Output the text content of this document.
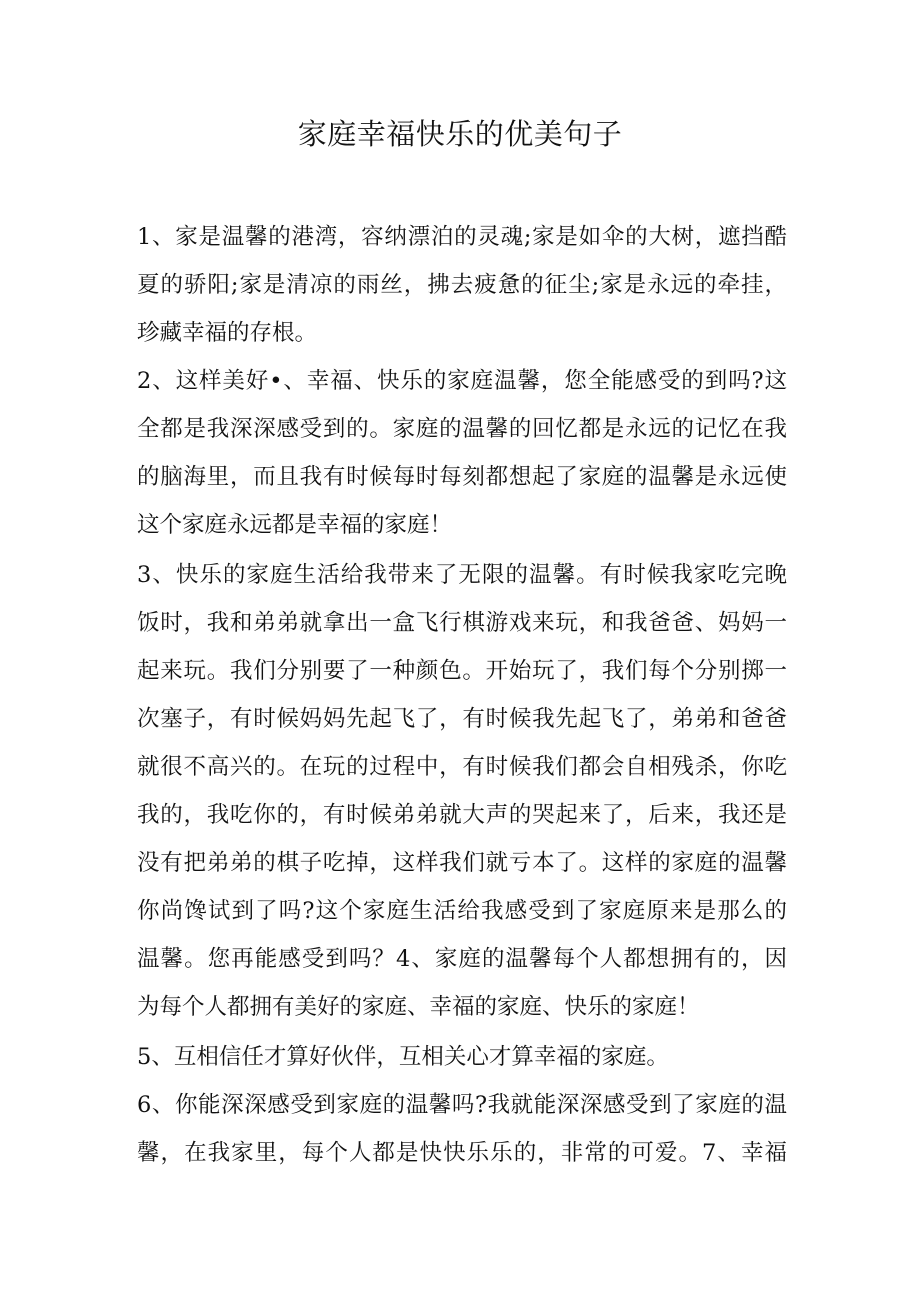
家庭幸福快乐的优美句子
1、家是温馨的港湾，容纳漂泊的灵魂;家是如伞的大树，遮挡酷
夏的骄阳;家是清凉的雨丝，拂去疲惫的征尘;家是永远的牵挂，
珍藏幸福的存根。
2、这样美好•、幸福、快乐的家庭温馨，您全能感受的到吗?这
全都是我深深感受到的。家庭的温馨的回忆都是永远的记忆在我
的脑海里，而且我有时候每时每刻都想起了家庭的温馨是永远使
这个家庭永远都是幸福的家庭！
3、快乐的家庭生活给我带来了无限的温馨。有时候我家吃完晚
饭时，我和弟弟就拿出一盒飞行棋游戏来玩，和我爸爸、妈妈一
起来玩。我们分别要了一种颜色。开始玩了，我们每个分别掷一
次塞子，有时候妈妈先起飞了，有时候我先起飞了，弟弟和爸爸
就很不高兴的。在玩的过程中，有时候我们都会自相残杀，你吃
我的，我吃你的，有时候弟弟就大声的哭起来了，后来，我还是
没有把弟弟的棋子吃掉，这样我们就亏本了。这样的家庭的温馨
你尚馋试到了吗?这个家庭生活给我感受到了家庭原来是那么的
温馨。您再能感受到吗？4、家庭的温馨每个人都想拥有的，因
为每个人都拥有美好的家庭、幸福的家庭、快乐的家庭！
5、互相信任才算好伙伴，互相关心才算幸福的家庭。
6、你能深深感受到家庭的温馨吗?我就能深深感受到了家庭的温
馨，在我家里，每个人都是快快乐乐的，非常的可爱。7、幸福
